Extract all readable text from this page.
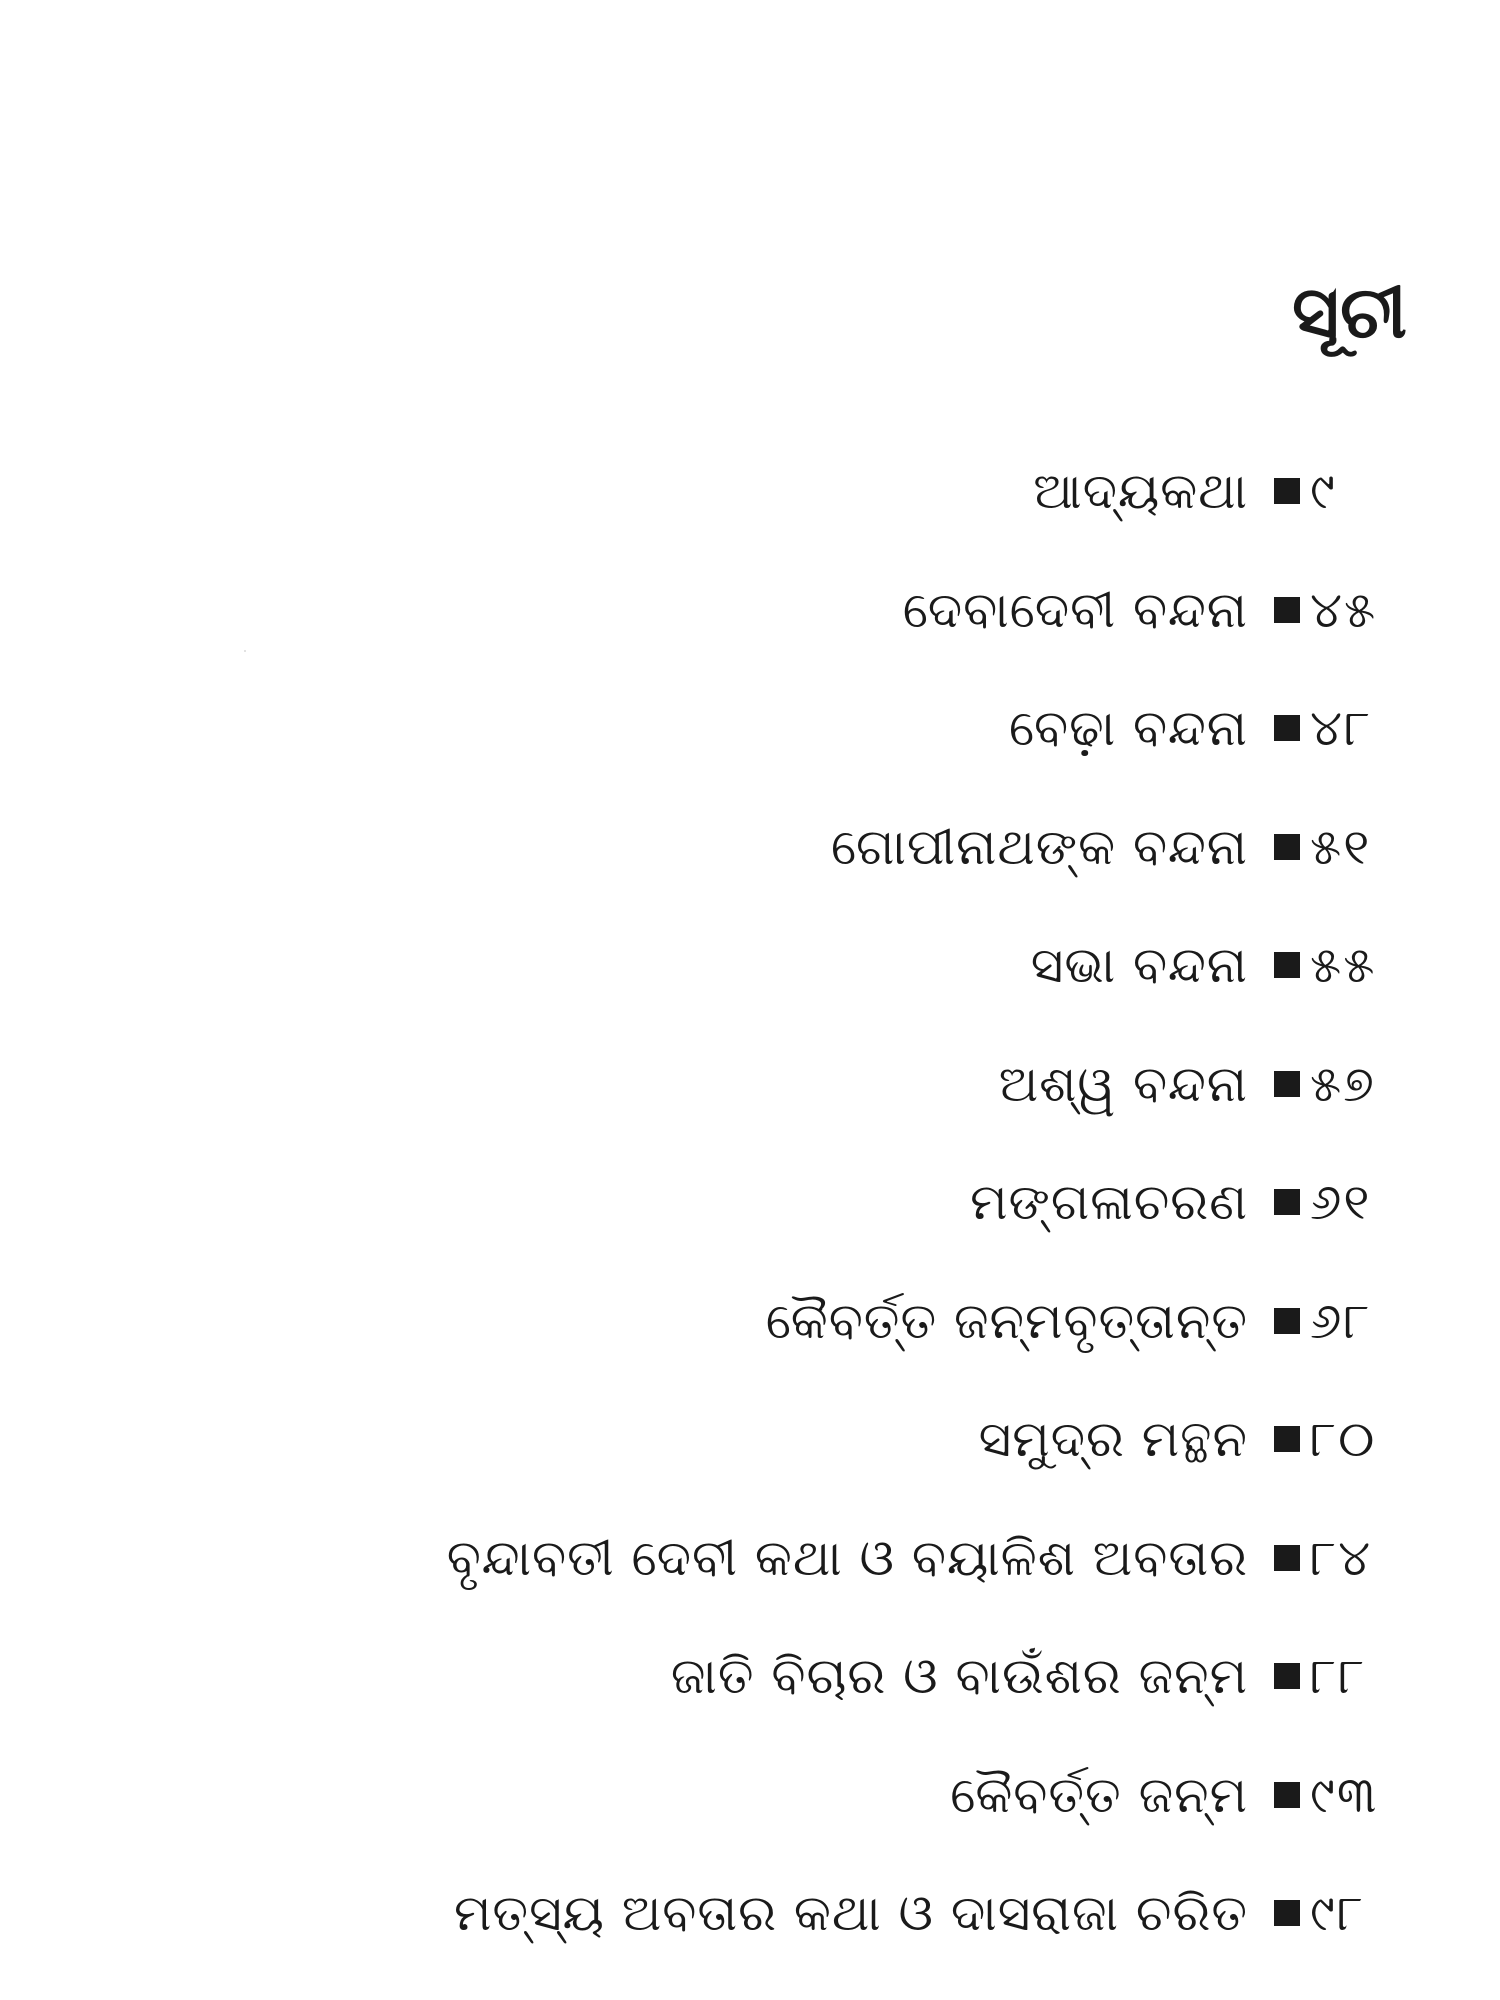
ସୂଚୀ
ଆଦ୍ୟକଥା ୯
ଦେବାଦେବୀ ବନ୍ଦନା ୪୫
ବେଢ଼ା ବନ୍ଦନା ୪୮
ଗୋପୀନାଥଙ୍କ ବନ୍ଦନା ୫୧
ସଭା ବନ୍ଦନା ୫୫
ଅଶ୍ୱ ବନ୍ଦନା ୫୭
ମଙ୍ଗଳାଚରଣ ୬୧
କୈବର୍ତ୍ତ ଜନ୍ମବୃତ୍ତାନ୍ତ ୬୮
ସମୁଦ୍ର ମନ୍ଥନ ୮୦
ବୃନ୍ଦାବତୀ ଦେବୀ କଥା ଓ ବୟାଳିଶ ଅବତାର ୮୪
ଜାତି ବିଚାର ଓ ବାଉଁଶର ଜନ୍ମ ୮୮
କୈବର୍ତ୍ତ ଜନ୍ମ ୯୩
ମତ୍ସ୍ୟ ଅବତାର କଥା ଓ ଦାସରାଜା ଚରିତ ୯୮
